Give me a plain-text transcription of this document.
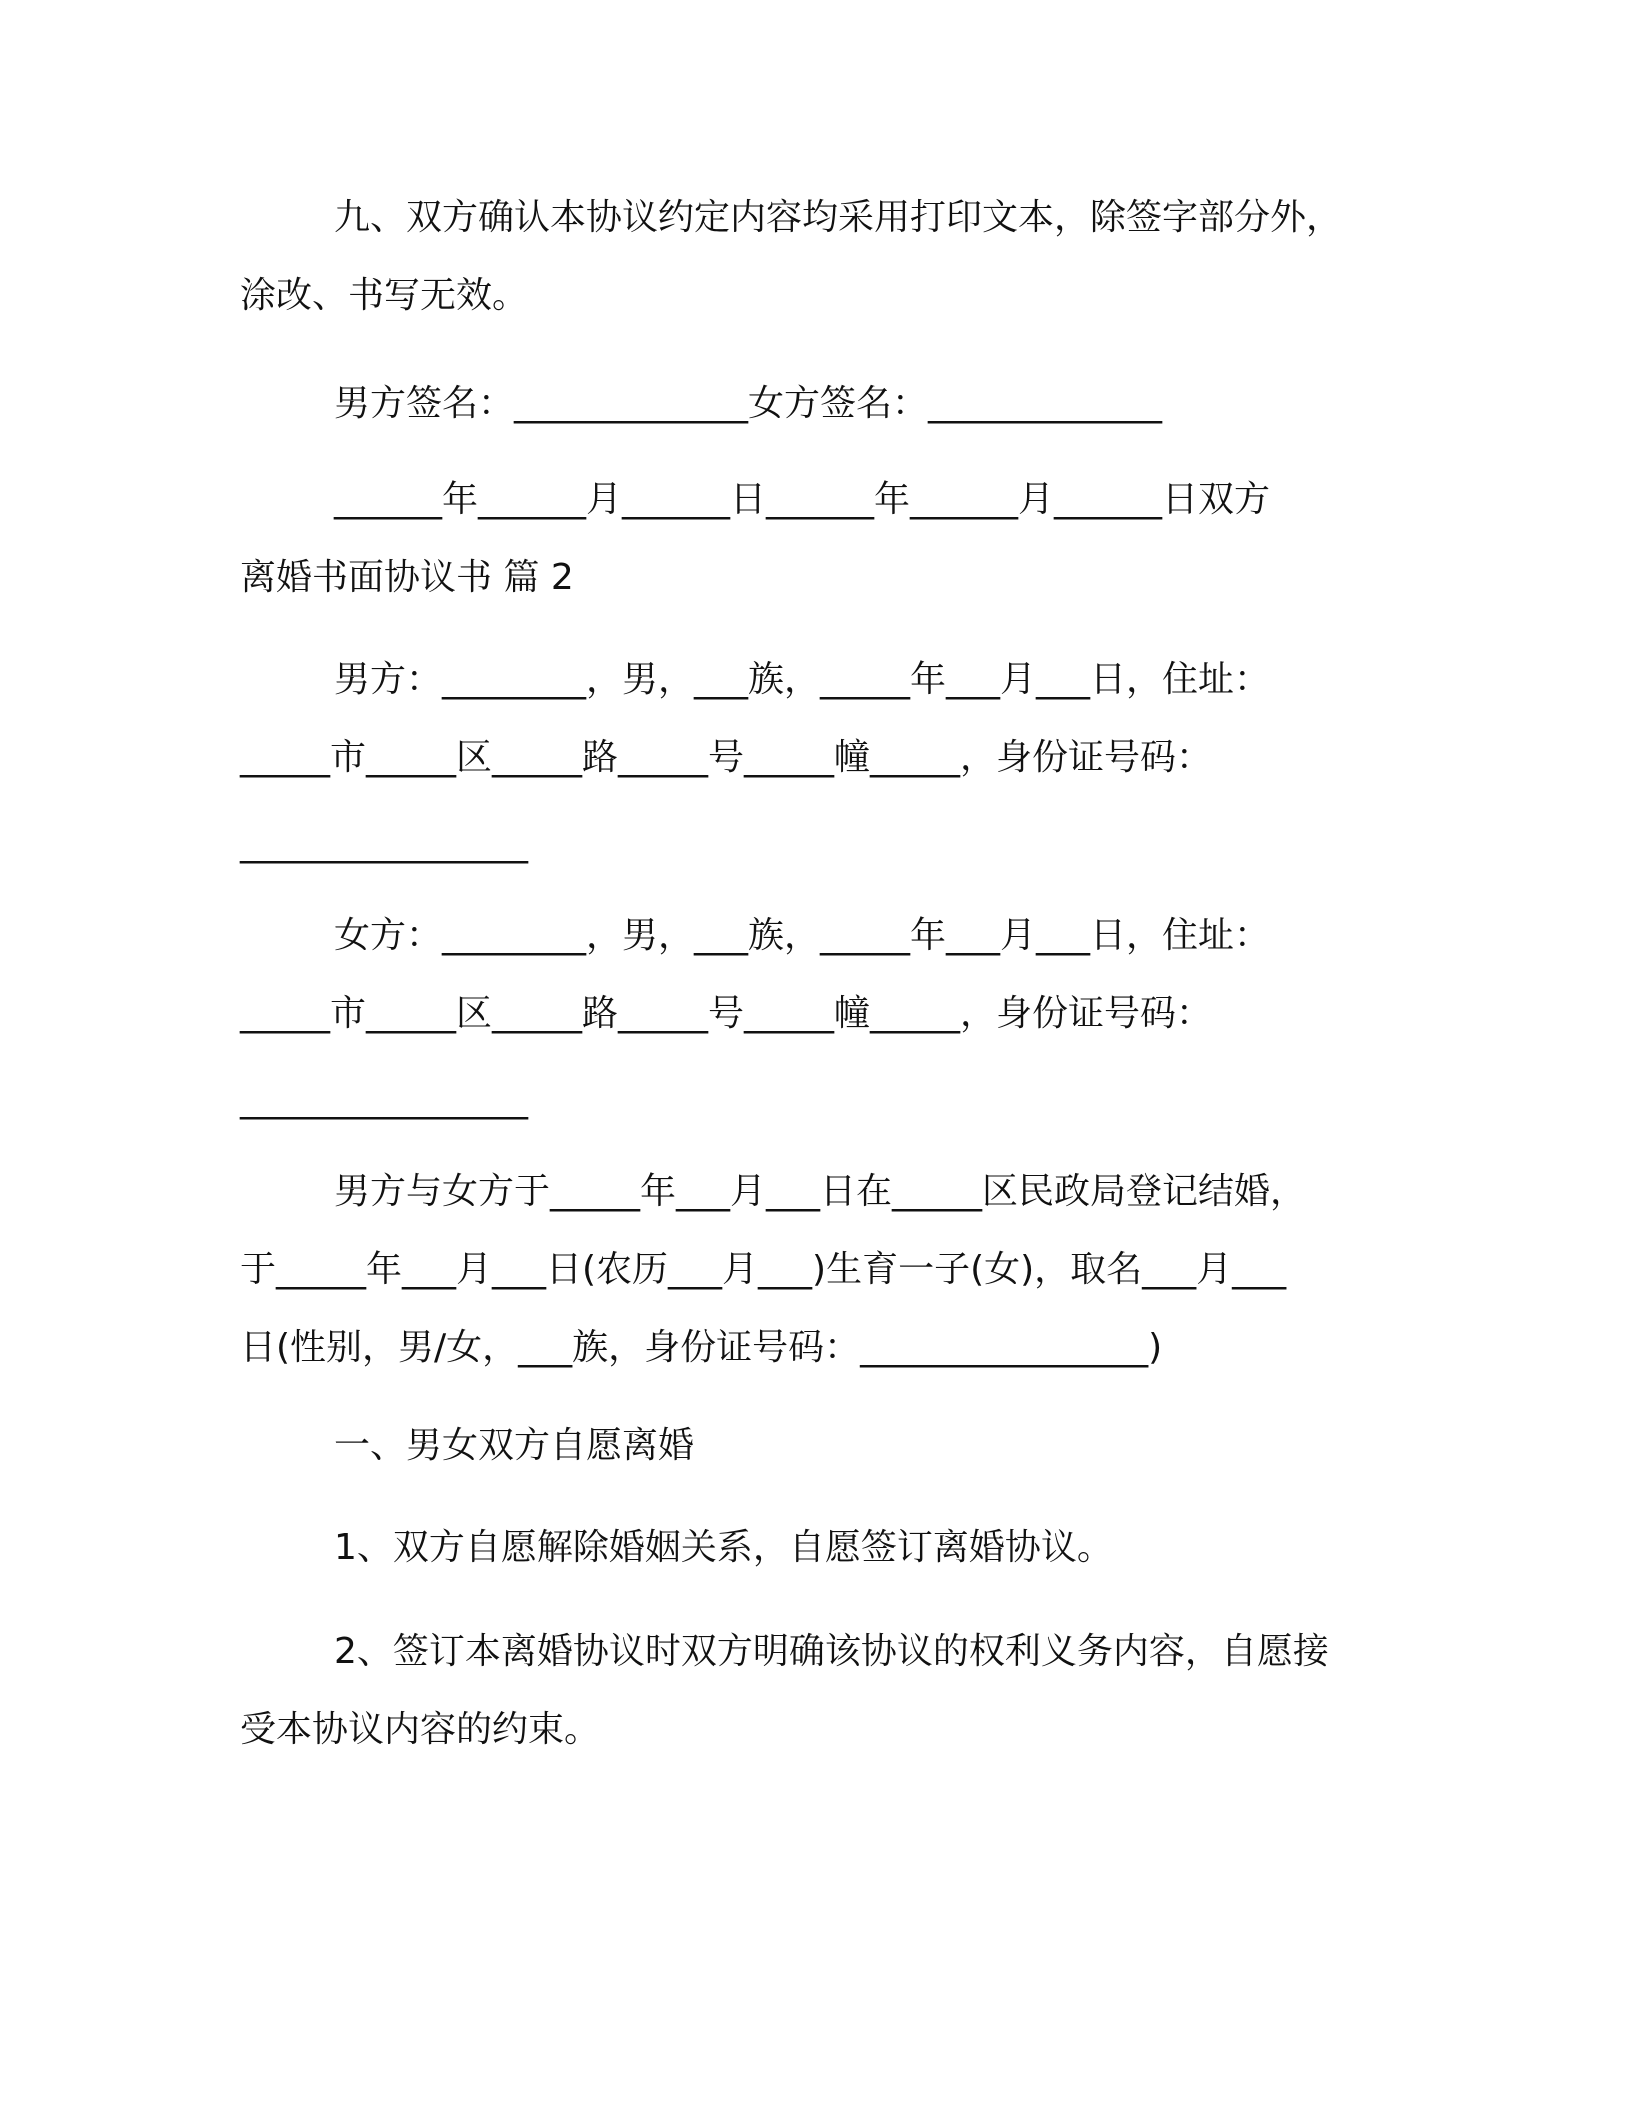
九、双方确认本协议约定内容均采用打印文本，除签字部分外，
涂改、书写无效。
男方签名：_____________女方签名：_____________
______年______月______日______年______月______日双方
离婚书面协议书 篇 2
男方：________，男，___族，_____年___月___日，住址：
_____市_____区_____路_____号_____幢_____，身份证号码：
________________
女方：________，男，___族，_____年___月___日，住址：
_____市_____区_____路_____号_____幢_____，身份证号码：
________________
男方与女方于_____年___月___日在_____区民政局登记结婚，
于_____年___月___日(农历___月___)生育一子(女)，取名___月___
日(性别，男/女，___族，身份证号码：________________)
一、男女双方自愿离婚
1、双方自愿解除婚姻关系，自愿签订离婚协议。
2、签订本离婚协议时双方明确该协议的权利义务内容，自愿接
受本协议内容的约束。
